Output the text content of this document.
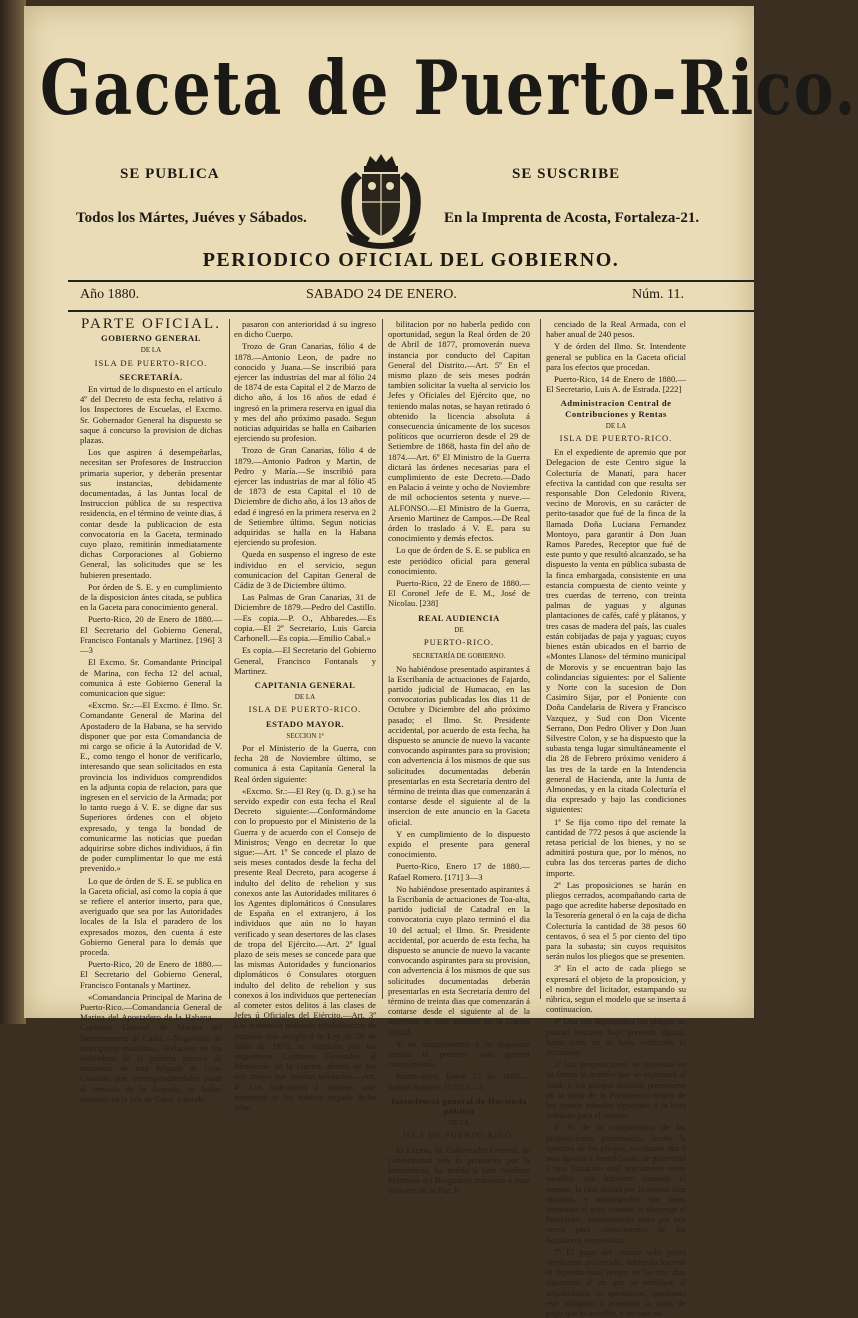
Gaceta de Puerto-Rico.
SE PUBLICA	SE SUSCRIBE
Todos los Mártes, Juéves y Sábados.	En la Imprenta de Acosta, Fortaleza-21.
PERIODICO OFICIAL DEL GOBIERNO.
Año 1880.	SABADO 24 DE ENERO.	Núm. 11.

PARTE OFICIAL.

GOBIERNO GENERAL

DE LA

ISLA DE PUERTO-RICO.

SECRETARÍA.

En virtud de lo dispuesto en el artículo 4º del Decreto de esta fecha, relativo á los Inspectores de Escuelas, el Excmo. Sr. Gobernador General ha dispuesto se saque á concurso la provision de dichas plazas.

Los que aspiren á desempeñarlas, necesitan ser Profesores de Instruccion primaria superior, y deberán presentar sus instancias, debidamente documentadas, á las Juntas local de Instruccion pública de su respectiva residencia, en el término de veinte dias, á contar desde la publicacion de esta convocatoria en la Gaceta, terminado cuyo plazo, remitirán inmediatamente dichas Corporaciones al Gobierno General, las solicitudes que se les hubieren presentado.

Por órden de S. E. y en cumplimiento de la disposicion ántes citada, se publica en la Gaceta para conocimiento general.

Puerto-Rico, 20 de Enero de 1880.— El Secretario del Gobierno General, Francisco Fontanals y Martinez. [196] 3—3

El Excmo. Sr. Comandante Principal de Marina, con fecha 12 del actual, comunica á este Gobierno General la comunicacion que sigue:

«Excmo. Sr.:—El Excmo. é Ilmo. Sr. Comandante General de Marina del Apostadero de la Habana, se ha servido disponer que por esta Comandancia de mi cargo se oficie á la Autoridad de V. E., como tengo el honor de verificarlo, interesando que sean solicitados en esta provincia los individuos comprendidos en la adjunta copia de relacion, para que ingresen en el servicio de la Armada; por lo tanto ruego á V. E. se digne dar sus Superiores órdenes con el objeto expresado, y tenga la bondad de comunicarme las noticias que puedan adquirirse sobre dichos individuos, á fin de poder cumplimentar lo que me está prevenido.»

Lo que de órden de S. E. se publica en la Gaceta oficial, así como la copia á que se refiere el anterior inserto, para que, averiguado que sea por las Autoridades locales de la Isla el paradero de los expresados mozos, den cuenta á este Gobierno General para lo demás que proceda.

Puerto-Rico, 20 de Enero de 1880.— El Secretario del Gobierno General, Francisco Fontanals y Martinez.

«Comandancia Principal de Marina de Puerto-Rico.—Comandancia General de Marina del Apostadero de la Habana.—Capitanía General de Marina del Departamento de Cádiz.—Negociado de Inscripcion marítima.—Relacion de los individuos de la primera reserva de marinería de esta Brigada de Gran Canarias que, correspondiéndoles pasar al servicio de la Armada, se hallan ausentes en la Isla de Cuba, á donde

pasaron con anterioridad á su ingreso en dicho Cuerpo.

Trozo de Gran Canarias, fólio 4 de 1878.—Antonio Leon, de padre no conocido y Juana.—Se inscribió para ejercer las industrias del mar al fólio 24 de 1874 de esta Capital el 2 de Marzo de dicho año, á los 16 años de edad é ingresó en la primera reserva en igual dia y mes del año próximo pasado. Segun noticias adquiridas se halla en Caibarien ejerciendo su profesion.

Trozo de Gran Canarias, fólio 4 de 1879.—Antonio Padron y Martin, de Pedro y María.—Se inscribió para ejercer las industrias de mar al fólio 45 de 1873 de esta Capital el 10 de Diciembre de dicho año, á los 13 años de edad é ingresó en la primera reserva en 2 de Setiembre último. Segun noticias adquiridas se halla en la Habana ejerciendo su profesion.

Queda en suspenso el ingreso de este individuo en el servicio, segun comunicacion del Capitan General de Cádiz de 3 de Diciembre último.

Las Palmas de Gran Canarias, 31 de Diciembre de 1879.—Pedro del Castillo.—Es copia.—P. O., Ahbaredes.—Es copia.—El 2º Secretario, Luis Garcia Carbonell.—Es copia.—Emilio Cabal.»

Es copia.—El Secretario del Gobierno General, Francisco Fontanals y Martinez.

CAPITANIA GENERAL

DE LA

ISLA DE PUERTO-RICO.

ESTADO MAYOR.

SECCION 1ª

Por el Ministerio de la Guerra, con fecha 28 de Noviembre último, se comunica á esta Capitanía General la Real órden siguiente:

«Excmo. Sr.:—El Rey (q. D. g.) se ha servido expedir con esta fecha el Real Decreto siguiente:—Conformándome con lo propuesto por el Ministerio de la Guerra y de acuerdo con el Consejo de Ministros; Vengo en decretar lo que sigue:—Art. 1º Se concede el plazo de seis meses contados desde la fecha del presente Real Decreto, para acogerse á indulto del delito de rebelion y sus conexos ante las Autoridades militares ó los Agentes diplomáticos ó Consulares de España en el extranjero, á los individuos que aún no lo hayan verificado y sean desertores de las clases de tropa del Ejército.—Art. 2º Igual plazo de seis meses se concede para que las mismas Autoridades y funcionarios diplomáticos ó Consulares otorguen indulto del delito de rebelion y sus conexos á los individuos que pertenecían al cometer estos delitos á las clases de Jefes ú Oficiales del Ejército.—Art. 3º Las instancias pidiendo rehabilitacion de empleos con arreglo á la Ley de 28 de Julio de 1876, se cursarán por los respectivos Capitanes Generales al Ministerio de la Guerra, dentro de los seis meses que quedan señalados.—Art. 4º Los individuos á quienes ante riormente se les hubiese negado dicha reha-

bilitacion por no haberla pedido con oportunidad, segun la Real órden de 20 de Abril de 1877, promoverán nueva instancia por conducto del Capitan General del Distrito.—Art. 5º En el mismo plazo de seis meses podrán tambien solicitar la vuelta al servicio los Jefes y Oficiales del Ejército que, no teniendo malas notas, se hayan retirado ó obtenido la licencia absoluta á consecuencia únicamente de los sucesos políticos que ocurrieron desde el 29 de Setiembre de 1868, hasta fin del año de 1874.—Art. 6º El Ministro de la Guerra dictará las órdenes necesarias para el cumplimiento de este Decreto.—Dado en Palacio á veinte y ocho de Noviembre de mil ochocientos setenta y nueve.—ALFONSO.—El Ministro de la Guerra, Arsenio Martinez de Campos.—De Real órden lo traslado á V. E. para su conocimiento y demás efectos.

Lo que de órden de S. E. se publica en este periódico oficial para general conocimiento.

Puerto-Rico, 22 de Enero de 1880.—El Coronel Jefe de E. M., José de Nicolau. [238]

REAL AUDIENCIA

DE

PUERTO-RICO.

SECRETARÍA DE GOBIERNO.

No habiéndose presentado aspirantes á la Escribanía de actuaciones de Fajardo, partido judicial de Humacao, en las convocatorias publicadas los dias 11 de Octubre y Diciembre del año próximo pasado; el Ilmo. Sr. Presidente accidental, por acuerdo de esta fecha, ha dispuesto se anuncie de nuevo la vacante convocando aspirantes para su provision; con advertencia á los mismos de que sus solicitudes documentadas deberán presentarlas en esta Secretaría dentro del término de treinta dias que comenzarán á contarse desde el siguiente al de la insercion de este anuncio en la Gaceta oficial.

Y en cumplimiento de lo dispuesto expido el presente para general conocimiento.

Puerto-Rico, Enero 17 de 1880.—Rafael Romero. [171] 3—3

No habiéndose presentado aspirantes á la Escribanía de actuaciones de Toa-alta, partido judicial de Catadral en la convocatoria cuyo plazo terminó el dia 10 del actual; el Ilmo. Sr. Presidente accidental, por acuerdo de esta fecha, ha dispuesto se anuncie de nuevo la vacante convocando aspirantes para su provision, con advertencia á los mismos de que sus solicitudes documentadas deberán presentarlas en esta Secretaría dentro del término de treinta dias que comenzarán á contarse desde el siguiente al de la insercion de este anuncio en la Gaceta oficial.

Y en cumplimiento á lo dispuesto expido la presente para general conocimiento.

Puerto-Rico, Enero 17 de 1880.—Rafael Romero. [172] 3—3

Intendencia general de Hacienda pública

DE LA

ISLA DE PUERTO-RICO.

El Excmo. Sr. Gobernador General, de conformidad con lo propuesto por la Intendencia, ha tenido á bien nombrar Marinero del Resguardo marítimo á Juan Timoteo de la Paz, li-

cenciado de la Real Armada, con el haber anual de 240 pesos.

Y de órden del Ilmo. Sr. Intendente general se publica en la Gaceta oficial para los efectos que procedan.

Puerto-Rico, 14 de Enero de 1880.—El Secretario, Luis A. de Estrada. [222]

Administracion Central de Contribuciones y Rentas

DE LA

ISLA DE PUERTO-RICO.

En el expediente de apremio que por Delegacion de este Centro sigue la Colecturía de Manatí, para hacer efectiva la cantidad con que resulta ser responsable Don Celedonio Rivera, vecino de Morovis, en su carácter de perito-tasador que fué de la finca de la llamada Doña Luciana Fernandez Montoyo, para garantir á Don Juan Ramos Paredes, Receptor que fué de este punto y que resultó alcanzado, se ha dispuesto la venta en pública subasta de la finca embargada, consistente en una estancia compuesta de ciento veinte y tres cuerdas de terreno, con treinta palmas de yaguas y algunas plantaciones de cafés, café y plátanos, y tres casas de madera del país, las cuales están cobijadas de paja y yaguas; cuyos bienes están ubicados en el barrio de «Montes Llanos» del término municipal de Morovis y se encuentran bajo las colindancias siguientes: por el Saliente y Norte con la sucesion de Don Casimiro Sijar, por el Poniente con Doña Candelaria de Rivera y Francisco Vazquez, y Sud con Don Vicente Serrano, Don Pedro Oliver y Don Juan Silvestre Colon, y se ha dispuesto que la subasta tenga lugar simultáneamente el dia 28 de Febrero próximo venidero á las tres de la tarde en la Intendencia general de Hacienda, ante la Junta de Almonedas, y en la citada Colecturía el dia expresado y bajo las condiciones siguientes:

1ª Se fija como tipo del remate la cantidad de 772 pesos á que asciende la retasa pericial de los bienes, y no se admitirá postura que, por lo ménos, no cubra las dos terceras partes de dicho importe.

2ª Las proposiciones se harán en pliegos cerrados, acompañando carta de pago que acredite haberse depositado en la Tesorería general ó en la caja de dicha Colecturía la cantidad de 38 pesos 60 centavos, ó sea el 5 por ciento del tipo para la subasta; sin cuyos requisitos serán nulos los pliegos que se presenten.

3ª En el acto de cada pliego se expresará el objeto de la proposicion, y el nombre del licitador, estampando su rúbrica, segun el modelo que se inserta á continuacion.

4ª Una vez depositados los pliegos no podrán retirarse bajo pretexto alguno, hasta tanto no se haya verificado el escrutinio.

5ª Las proposiciones se sujetarán en su forma al modelo que se expresará al final; y los pliegos deberán presentarse en la mesa de la Presidencia dentro de los quince minutos siguientes á la hora señalada para el remate.

6ª Si de la comparacion de las proposiciones presentadas, hecha la apertura de los pliegos, resultasen dos ó mas iguales y beneficiosas, se procederá á una licitacion oral únicamente entre aquellos que hubiesen causado el empate, la cual durará por lo ménos diez minutos, y transcurridos que sean, terminará el acto, cuando lo disponga el Presidente, anunciándolo ántes por tres veces para conocimiento de los licitadores interesados.

7ª El pago del remate solo podrá verificarse al contado, debiendo hacerse el depósito total dentro de los tres dias siguientes al en que se notifique al adjudicatario su aprobacion, quedando este obligado á presentar la carta de pago que lo acredite, y en caso no
